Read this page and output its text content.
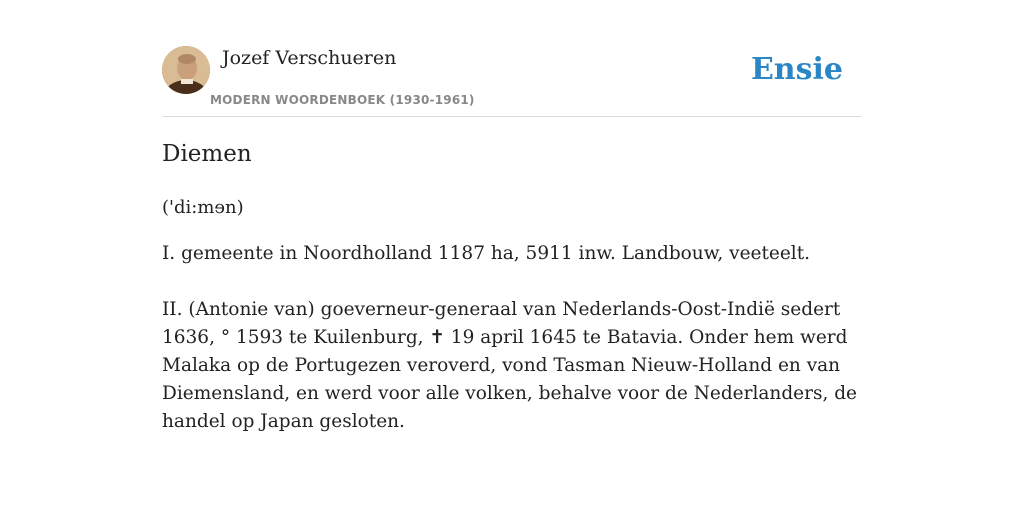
Jozef Verschueren
MODERN WOORDENBOEK (1930-1961)
Ensie
Diemen
('di:mɘn)

I. gemeente in Noordholland 1187 ha, 5911 inw. Landbouw, veeteelt.

II. (Antonie van) goeverneur-generaal van Nederlands-Oost-Indië sedert 1636, ° 1593 te Kuilenburg, ✝ 19 april 1645 te Batavia. Onder hem werd Malaka op de Portugezen veroverd, vond Tasman Nieuw-Holland en van Diemensland, en werd voor alle volken, behalve voor de Nederlanders, de handel op Japan gesloten.
